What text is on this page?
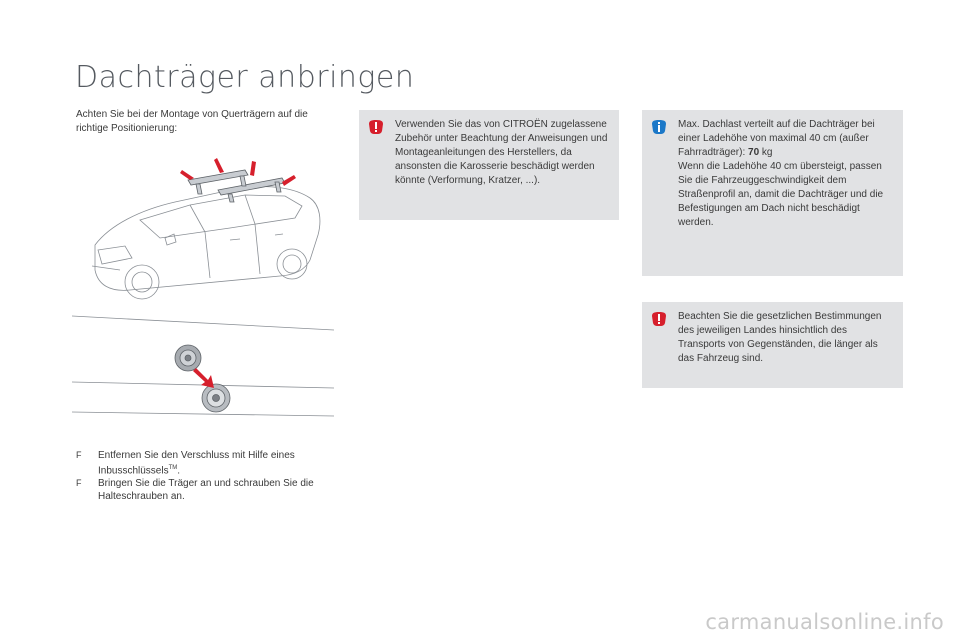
Dachträger anbringen
Achten Sie bei der Montage von Querträgern auf die richtige Positionierung:
F Entfernen Sie den Verschluss mit Hilfe eines Inbusschlüssels™.
F Bringen Sie die Träger an und schrauben Sie die Halteschrauben an.
Verwenden Sie das von CITROËN zugelassene Zubehör unter Beachtung der Anweisungen und Montageanleitungen des Herstellers, da ansonsten die Karosserie beschädigt werden könnte (Verformung, Kratzer, ...).
Max. Dachlast verteilt auf die Dachträger bei einer Ladehöhe von maximal 40 cm (außer Fahrradträger): 70 kg
Wenn die Ladehöhe 40 cm übersteigt, passen Sie die Fahrzeuggeschwindigkeit dem Straßenprofil an, damit die Dachträger und die Befestigungen am Dach nicht beschädigt werden.
Beachten Sie die gesetzlichen Bestimmungen des jeweiligen Landes hinsichtlich des Transports von Gegenständen, die länger als das Fahrzeug sind.
carmanualsonline.info
